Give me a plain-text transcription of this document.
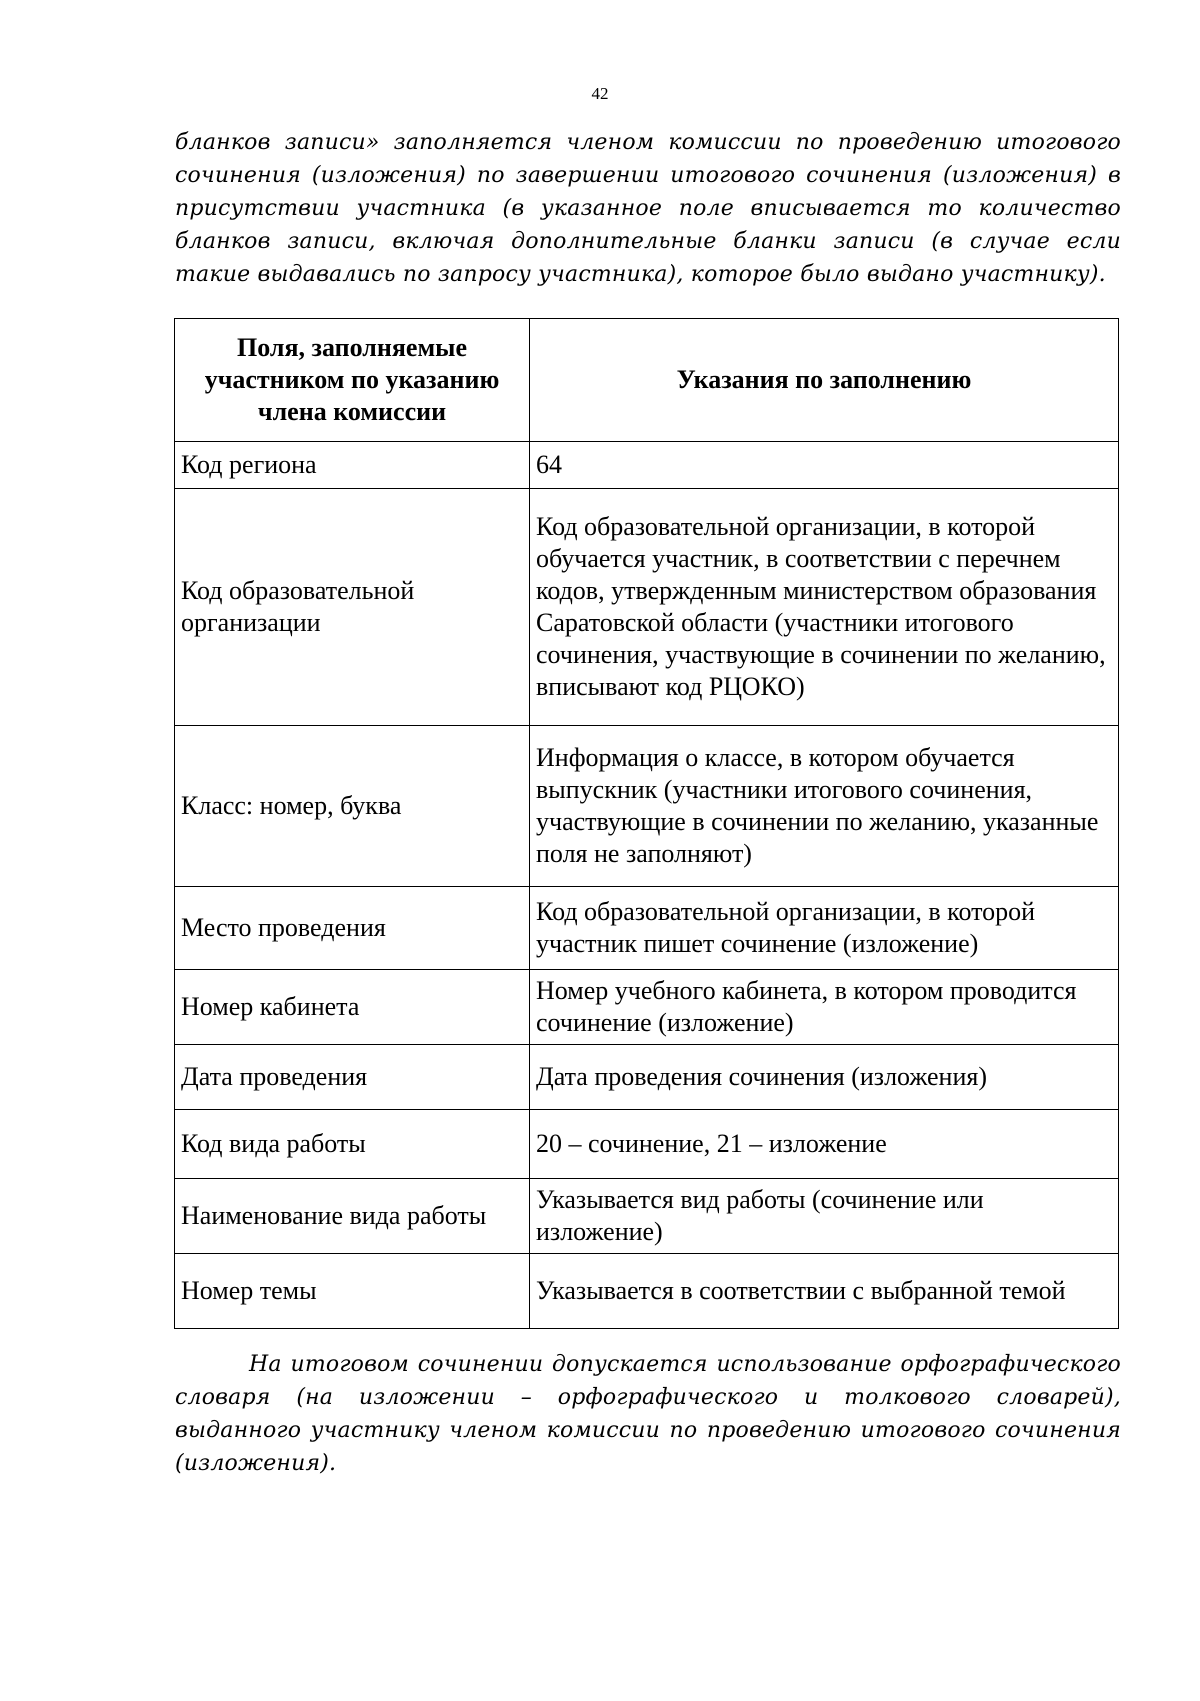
42

бланков записи» заполняется членом комиссии по проведению итогового сочинения (изложения) по завершении итогового сочинения (изложения) в присутствии участника (в указанное поле вписывается то количество бланков записи, включая дополнительные бланки записи (в случае если такие выдавались по запросу участника), которое было выдано участнику).

Поля, заполняемые участником по указанию члена комиссии	Указания по заполнению
Код региона	64
Код образовательной организации	Код образовательной организации, в которой обучается участник, в соответствии с перечнем кодов, утвержденным министерством образования Саратовской области (участники итогового сочинения, участвующие в сочинении по желанию, вписывают код РЦОКО)
Класс: номер, буква	Информация о классе, в котором обучается выпускник (участники итогового сочинения, участвующие в сочинении по желанию, указанные поля не заполняют)
Место проведения	Код образовательной организации, в которой участник пишет сочинение (изложение)
Номер кабинета	Номер учебного кабинета, в котором проводится сочинение (изложение)
Дата проведения	Дата проведения сочинения (изложения)
Код вида работы	20 – сочинение, 21 – изложение
Наименование вида работы	Указывается вид работы (сочинение или изложение)
Номер темы	Указывается в соответствии с выбранной темой

На итоговом сочинении допускается использование орфографического словаря (на изложении – орфографического и толкового словарей), выданного участнику членом комиссии по проведению итогового сочинения (изложения).
